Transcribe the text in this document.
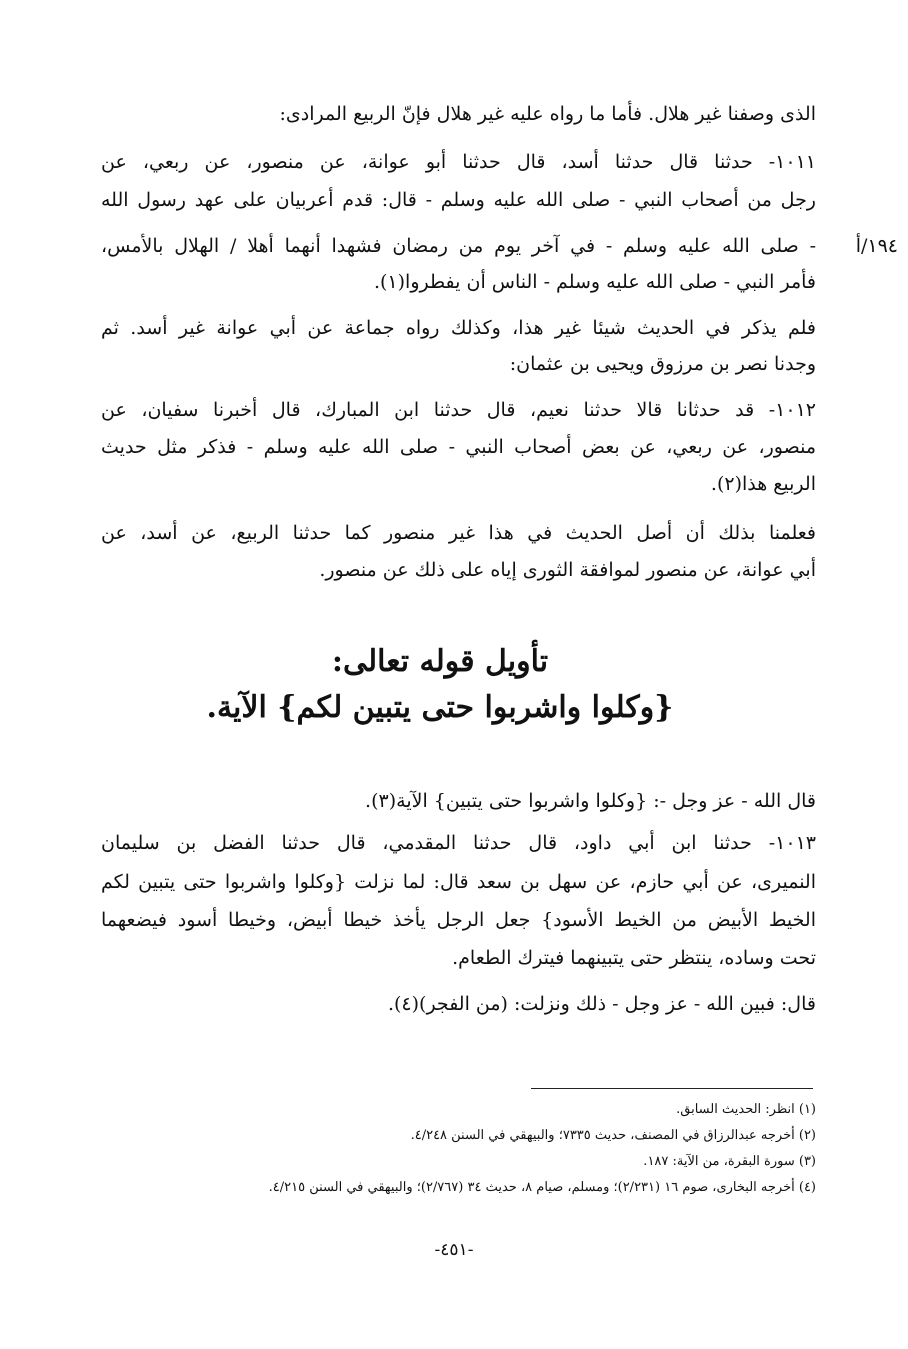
الذى وصفنا غير هلال. فأما ما رواه عليه غير هلال فإنّ الربيع المرادى:
١٠١١- حدثنا قال حدثنا أسد، قال حدثنا أبو عوانة، عن منصور، عن ربعي، عن
رجل من أصحاب النبي - صلى الله عليه وسلم - قال: قدم أعربيان على عهد رسول الله
- صلى الله عليه وسلم - في آخر يوم من رمضان فشهدا أنهما أهلا / الهلال بالأمس،
فأمر النبي - صلى الله عليه وسلم - الناس أن يفطروا(١).
١٩٤/أ
فلم يذكر في الحديث شيئا غير هذا، وكذلك رواه جماعة عن أبي عوانة غير أسد. ثم
وجدنا نصر بن مرزوق ويحيى بن عثمان:
١٠١٢- قد حدثانا قالا حدثنا نعيم، قال حدثنا ابن المبارك، قال أخبرنا سفيان، عن
منصور، عن ربعي، عن بعض أصحاب النبي - صلى الله عليه وسلم - فذكر مثل حديث
الربيع هذا(٢).
فعلمنا بذلك أن أصل الحديث في هذا غير منصور كما حدثنا الربيع، عن أسد، عن
أبي عوانة، عن منصور لموافقة الثورى إياه على ذلك عن منصور.
تأويل قوله تعالى:
{وكلوا واشربوا حتى يتبين لكم} الآية.
قال الله - عز وجل -: {وكلوا واشربوا حتى يتبين} الآية(٣).
١٠١٣- حدثنا ابن أبي داود، قال حدثنا المقدمي، قال حدثنا الفضل بن سليمان
النميرى، عن أبي حازم، عن سهل بن سعد قال: لما نزلت {وكلوا واشربوا حتى يتبين لكم
الخيط الأبيض من الخيط الأسود} جعل الرجل يأخذ خيطا أبيض، وخيطا أسود فيضعهما
تحت وساده، ينتظر حتى يتبينهما فيترك الطعام.
قال: فبين الله - عز وجل - ذلك ونزلت: (من الفجر)(٤).
(١) انظر: الحديث السابق.
(٢) أخرجه عبدالرزاق في المصنف، حديث ٧٣٣٥؛ والبيهقي في السنن ٤/٢٤٨.
(٣) سورة البقرة، من الآية: ١٨٧.
(٤) أخرجه البخارى، صوم ١٦ (٢/٢٣١)؛ ومسلم، صيام ٨، حديث ٣٤ (٢/٧٦٧)؛ والبيهقي في السنن ٤/٢١٥.
-٤٥١-
